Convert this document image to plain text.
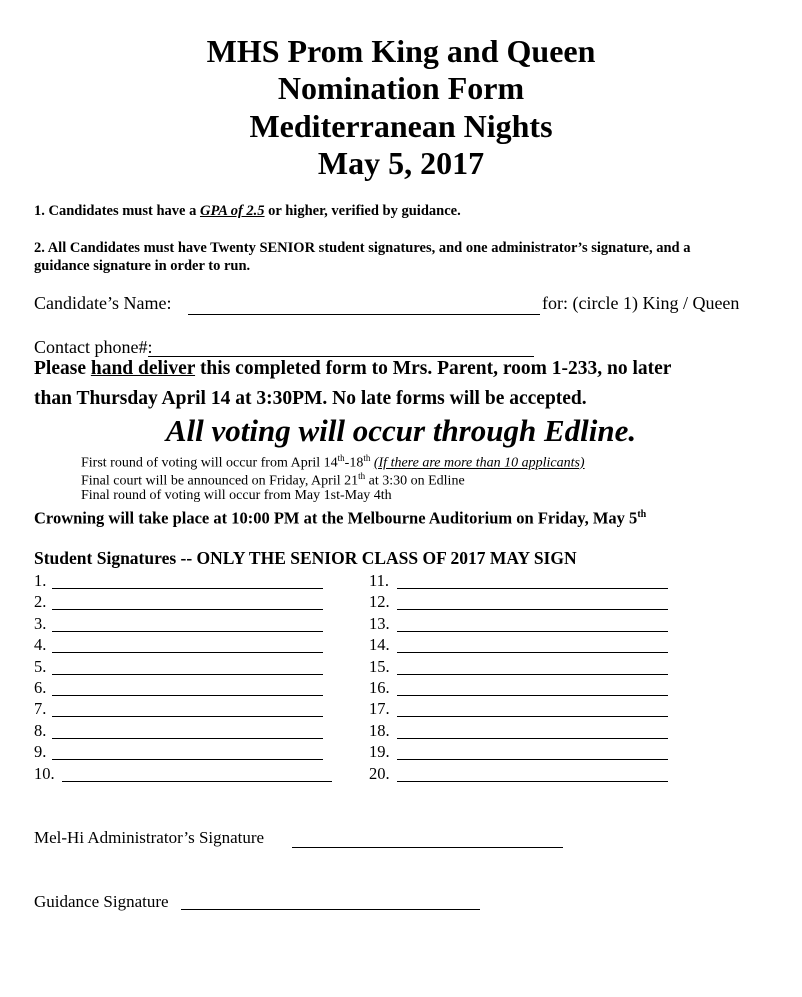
MHS Prom King and Queen
Nomination Form
Mediterranean Nights
May 5, 2017
1. Candidates must have a GPA of 2.5 or higher, verified by guidance.
2. All Candidates must have Twenty SENIOR student signatures, and one administrator’s signature, and a
guidance signature in order to run.
Candidate’s Name:	for: (circle 1) King / Queen
Contact phone#:
Please hand deliver this completed form to Mrs. Parent, room 1-233, no later
than Thursday April 14 at 3:30PM. No late forms will be accepted.
All voting will occur through Edline.
First round of voting will occur from April 14th-18th (If there are more than 10 applicants)
Final court will be announced on Friday, April 21th at 3:30 on Edline
Final round of voting will occur from May 1st-May 4th
Crowning will take place at 10:00 PM at the Melbourne Auditorium on Friday, May 5th
Student Signatures -- ONLY THE SENIOR CLASS OF 2017 MAY SIGN
1.
2.
3.
4.
5.
6.
7.
8.
9.
10.
11.
12.
13.
14.
15.
16.
17.
18.
19.
20.
Mel-Hi Administrator’s Signature
Guidance Signature
